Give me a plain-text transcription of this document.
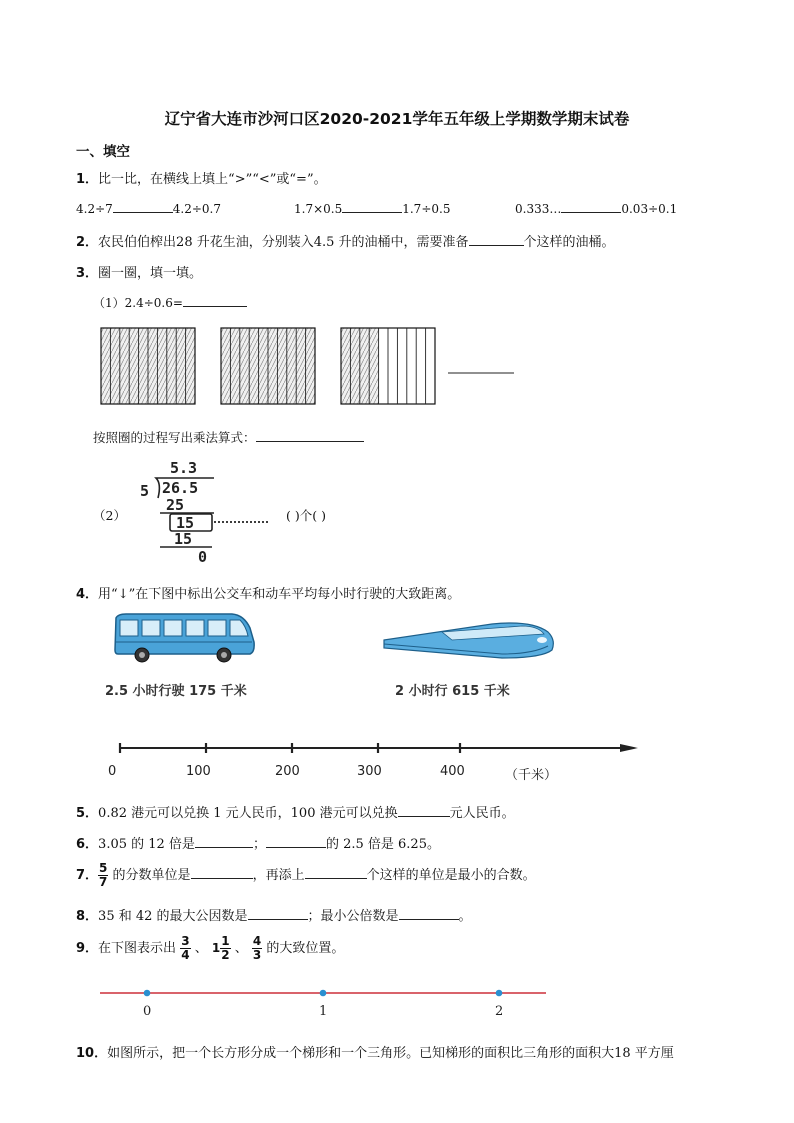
辽宁省大连市沙河口区2020-2021学年五年级上学期数学期末试卷
一、填空
1．比一比，在横线上填上“>”“<”或“=”。
4.2÷7	4.2÷0.7	1.7×0.5	1.7÷0.5	0.333…	0.03÷0.1
2．农民伯伯榨出28 升花生油，分别装入4.5 升的油桶中，需要准备	个这样的油桶。
3．圈一圈，填一填。
（1）2.4÷0.6=
按照圈的过程写出乘法算式：
（2）
5.3
5 26.5
25
15
15
0
( )个( )
4．用“↓”在下图中标出公交车和动车平均每小时行驶的大致距离。
2.5 小时行驶 175 千米	2 小时行 615 千米
0	100	200	300	400	（千米）
5．0.82 港元可以兑换 1 元人民币，100 港元可以兑换	元人民币。
6．3.05 的 12 倍是	；	的 2.5 倍是 6.25。
7． $\frac{5}{7}$ 的分数单位是	，再添上	个这样的单位是最小的合数。
8．35 和 42 的最大公因数是	；最小公倍数是	。
9．在下图表示出 $\frac{3}{4}$ 、 $1 \frac{1}{2}$ 、 $\frac{4}{3}$ 的大致位置。
0	1	2
10．如图所示，把一个长方形分成一个梯形和一个三角形。已知梯形的面积比三角形的面积大18 平方厘
